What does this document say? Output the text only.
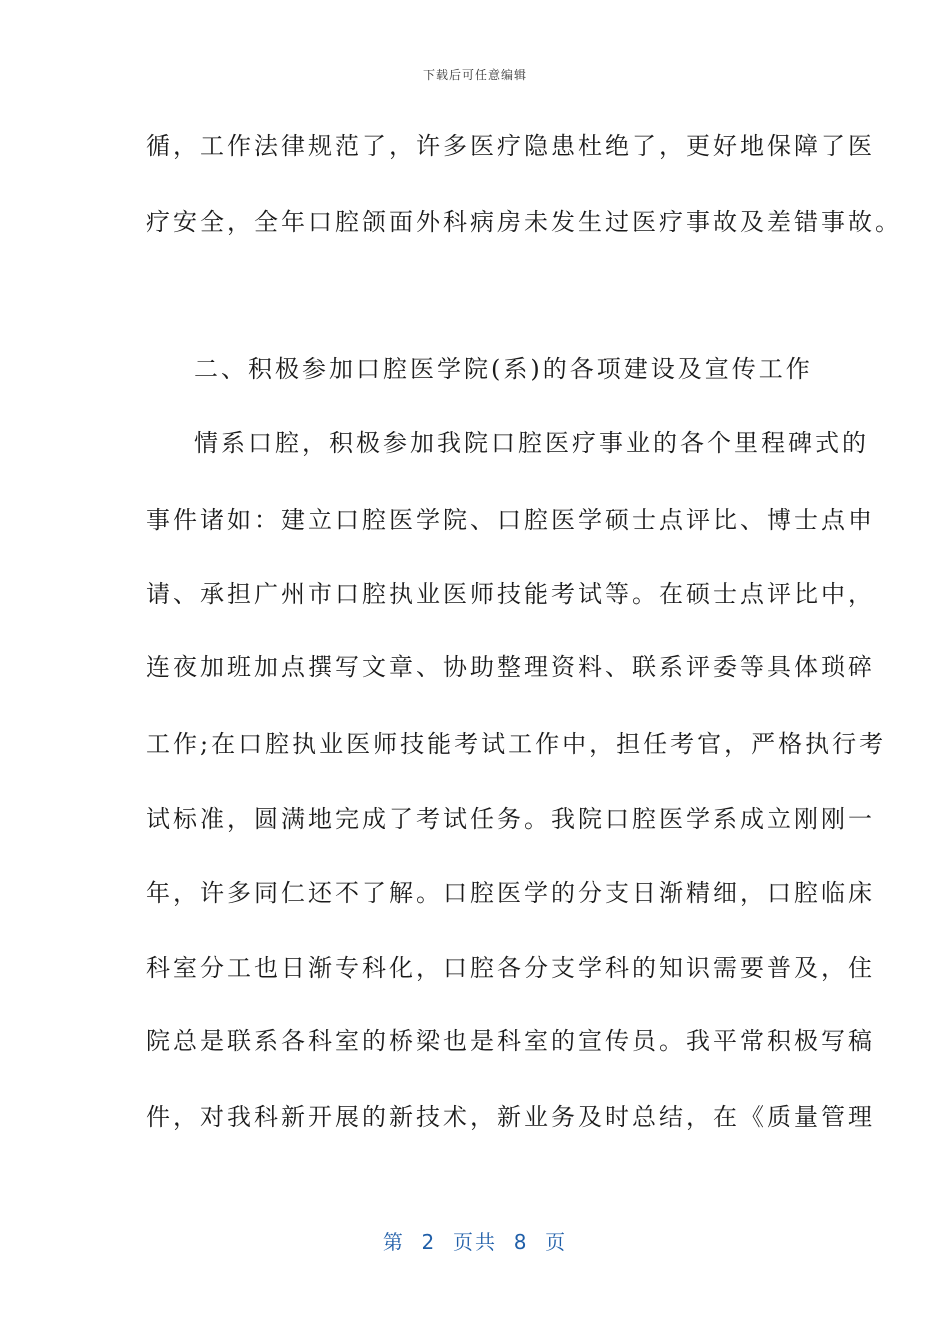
下载后可任意编辑
循，工作法律规范了，许多医疗隐患杜绝了，更好地保障了医
疗安全，全年口腔颌面外科病房未发生过医疗事故及差错事故。
二、积极参加口腔医学院(系)的各项建设及宣传工作
情系口腔，积极参加我院口腔医疗事业的各个里程碑式的
事件诸如：建立口腔医学院、口腔医学硕士点评比、博士点申
请、承担广州市口腔执业医师技能考试等。在硕士点评比中，
连夜加班加点撰写文章、协助整理资料、联系评委等具体琐碎
工作;在口腔执业医师技能考试工作中，担任考官，严格执行考
试标准，圆满地完成了考试任务。我院口腔医学系成立刚刚一
年，许多同仁还不了解。口腔医学的分支日渐精细，口腔临床
科室分工也日渐专科化，口腔各分支学科的知识需要普及，住
院总是联系各科室的桥梁也是科室的宣传员。我平常积极写稿
件，对我科新开展的新技术，新业务及时总结，在《质量管理
第  2  页共  8  页
